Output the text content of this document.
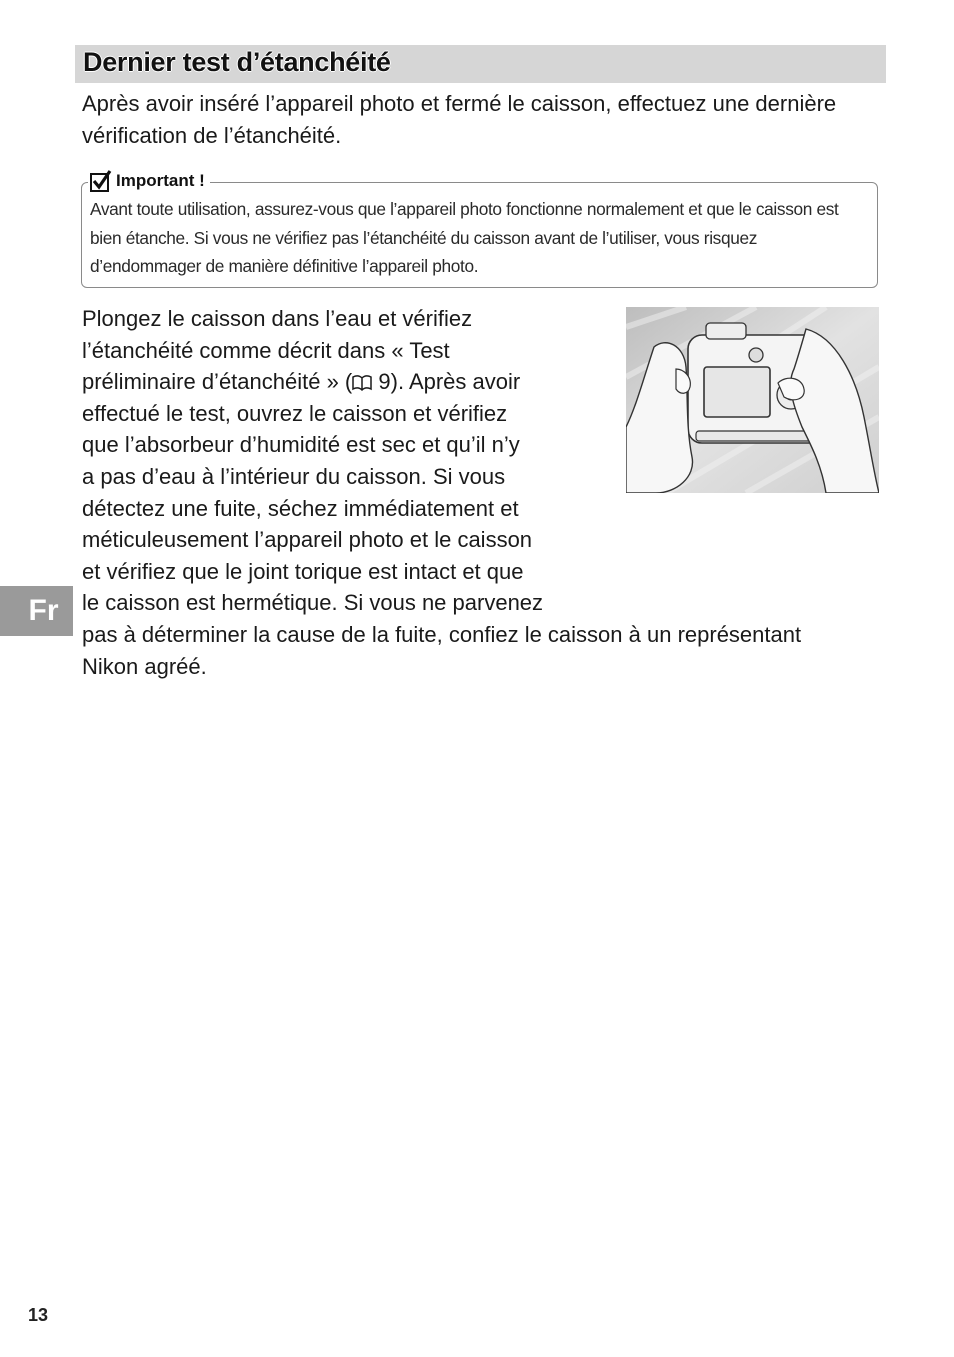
Dernier test d’étanchéité
Après avoir inséré l’appareil photo et fermé le caisson, effectuez une dernière vérification de l’étanchéité.
Important !
Avant toute utilisation, assurez-vous que l’appareil photo fonctionne normalement et que le caisson est bien étanche. Si vous ne vérifiez pas l’étanchéité du caisson avant de l’utiliser, vous risquez d’endommager de manière définitive l’appareil photo.
Plongez le caisson dans l’eau et vérifiez
l’étanchéité comme décrit dans « Test
préliminaire d’étanchéité » ( 9). Après avoir
effectué le test, ouvrez le caisson et vérifiez
que l’absorbeur d’humidité est sec et qu’il n’y
a pas d’eau à l’intérieur du caisson. Si vous
détectez une fuite, séchez immédiatement et
méticuleusement l’appareil photo et le caisson
et vérifiez que le joint torique est intact et que
le caisson est hermétique. Si vous ne parvenez
pas à déterminer la cause de la fuite, confiez le caisson à un représentant
Nikon agréé.
Fr
13
